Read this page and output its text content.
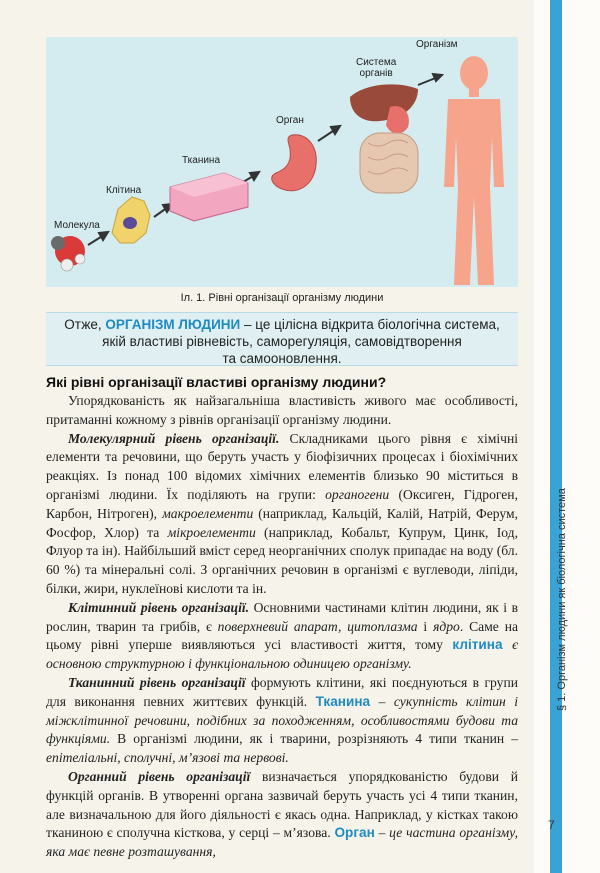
Молекула
Клітина
Тканина
Орган
Система
органів
Організм
Іл. 1. Рівні організації організму людини
Отже, ОРГАНІЗМ ЛЮДИНИ – це цілісна відкрита біологічна система,
якій властиві рівневість, саморегуляція, самовідтворення
та самооновлення.
Які рівні організації властиві організму людини?

Упорядкованість як найзагальніша властивість живого має особливості, притаманні кожному з рівнів організації організму людини.

Молекулярний рівень організації. Складниками цього рівня є хімічні елементи та речовини, що беруть участь у біофізичних процесах і біохімічних реакціях. Із понад 100 відомих хімічних елементів близько 90 міститься в організмі людини. Їх поділяють на групи: органогени (Оксиген, Гідроген, Карбон, Нітроген), макроелементи (наприклад, Кальцій, Калій, Натрій, Ферум, Фосфор, Хлор) та мікроелементи (наприклад, Кобальт, Купрум, Цинк, Іод, Флуор та ін). Найбільший вміст серед неорганічних сполук припадає на воду (бл. 60 %) та мінеральні солі. З органічних речовин в організмі є вуглеводи, ліпіди, білки, жири, нуклеїнові кислоти та ін.

Клітинний рівень організації. Основними частинами клітин людини, як і в рослин, тварин та грибів, є поверхневий апарат, цитоплазма і ядро. Саме на цьому рівні уперше виявляються усі властивості життя, тому клітина є основною структурною і функціональною одиницею організму.

Тканинний рівень організації формують клітини, які поєднуються в групи для виконання певних життєвих функцій. Тканина – сукупність клітин і міжклітинної речовини, подібних за походженням, особливостями будови та функціями. В організмі людини, як і тварини, розрізняють 4 типи тканин – епітеліальні, сполучні, м’язові та нервові.

Органний рівень організації визначається упорядкованістю будови й функцій органів. В утворенні органа зазвичай беруть участь усі 4 типи тканин, але визначальною для його діяльності є якась одна. Наприклад, у кістках такою тканиною є сполучна кісткова, у серці – м’язова. Орган – це частина організму, яка має певне розташування,

§ 1. Організм людини як біологічна система
7
